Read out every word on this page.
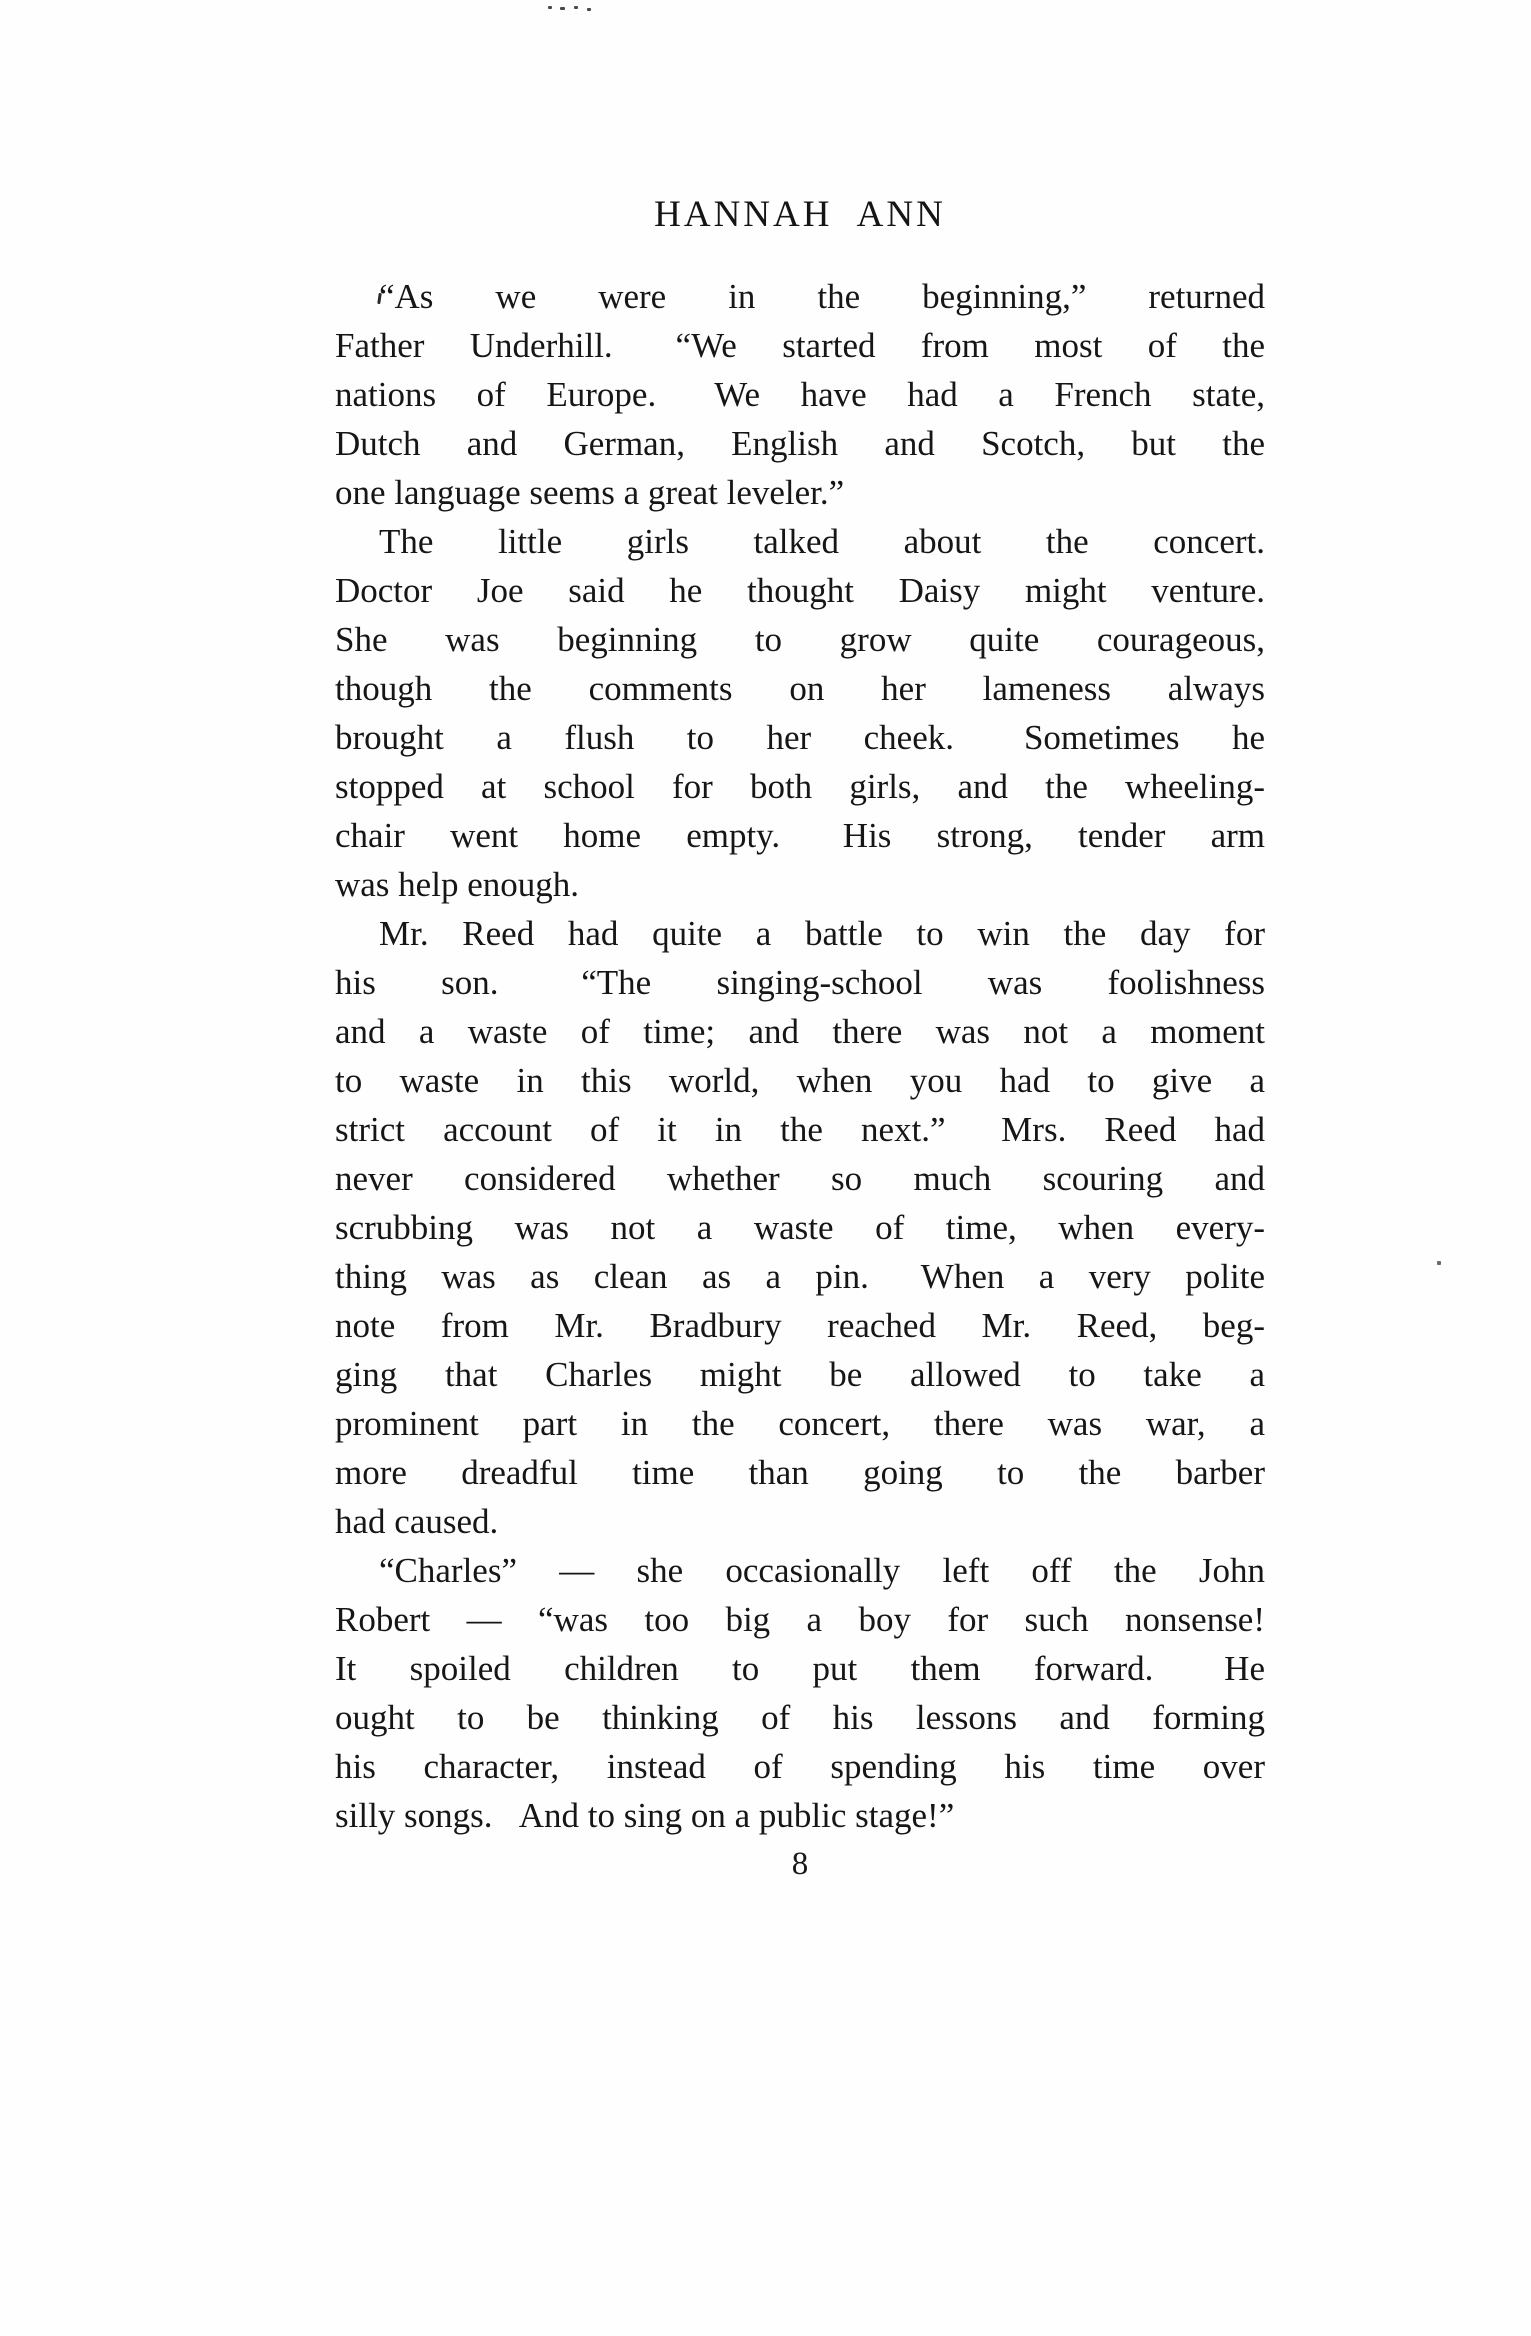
HANNAH ANN
“As we were in the beginning,” returned
Father Underhill.  “We started from most of the
nations of Europe.  We have had a French state,
Dutch and German, English and Scotch, but the
one language seems a great leveler.”
The little girls talked about the concert.
Doctor Joe said he thought Daisy might venture.
She was beginning to grow quite courageous,
though the comments on her lameness always
brought a flush to her cheek.  Sometimes he
stopped at school for both girls, and the wheeling-
chair went home empty.  His strong, tender arm
was help enough.
Mr. Reed had quite a battle to win the day for
his son.  “The singing-school was foolishness
and a waste of time; and there was not a moment
to waste in this world, when you had to give a
strict account of it in the next.”  Mrs. Reed had
never considered whether so much scouring and
scrubbing was not a waste of time, when every-
thing was as clean as a pin.  When a very polite
note from Mr. Bradbury reached Mr. Reed, beg-
ging that Charles might be allowed to take a
prominent part in the concert, there was war, a
more dreadful time than going to the barber
had caused.
“Charles” — she occasionally left off the John
Robert — “was too big a boy for such nonsense!
It spoiled children to put them forward.  He
ought to be thinking of his lessons and forming
his character, instead of spending his time over
silly songs.  And to sing on a public stage!”
8
